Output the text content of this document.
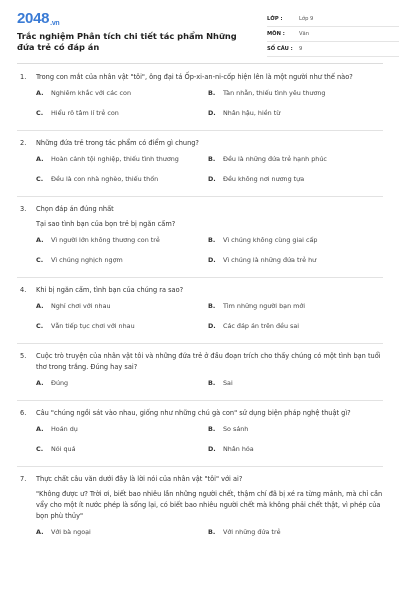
2048.vn
Trắc nghiệm Phân tích chi tiết tác phẩm Những đứa trẻ có đáp án
LỚP :	Lớp 9
MÔN :	Văn
SỐ CÂU :	9
1.	Trong con mắt của nhân vật "tôi", ông đại tá Ốp-xi-an-ni-cốp hiện lên là một người như thế nào?
A.	Nghiêm khắc với các con	B.	Tàn nhẫn, thiếu tình yêu thương
C.	Hiểu rõ tâm lí trẻ con	D.	Nhân hậu, hiền từ
2.	Những đứa trẻ trong tác phẩm có điểm gì chung?
A.	Hoàn cảnh tội nghiệp, thiếu tình thương	B.	Đều là những đứa trẻ hạnh phúc
C.	Đều là con nhà nghèo, thiếu thốn	D.	Đều không nơi nương tựa
3.	Chọn đáp án đúng nhất
Tại sao tình bạn của bọn trẻ bị ngăn cấm?
A.	Vì người lớn không thương con trẻ	B.	Vì chúng không cùng giai cấp
C.	Vì chúng nghịch ngợm	D.	Vì chúng là những đứa trẻ hư
4.	Khi bị ngăn cấm, tình bạn của chúng ra sao?
A.	Nghỉ chơi với nhau	B.	Tìm những người bạn mới
C.	Vẫn tiếp tục chơi với nhau	D.	Các đáp án trên đều sai
5.	Cuộc trò truyện của nhân vật tôi và những đứa trẻ ở đầu đoạn trích cho thấy chúng có một tình bạn tuổi thơ trong trắng. Đúng hay sai?
A.	Đúng	B.	Sai
6.	Câu "chúng ngồi sát vào nhau, giống như những chú gà con" sử dụng biện pháp nghệ thuật gì?
A.	Hoán dụ	B.	So sánh
C.	Nói quá	D.	Nhân hóa
7.	Thực chất câu văn dưới đây là lời nói của nhân vật "tôi" với ai?
"Không được ư? Trời ơi, biết bao nhiêu lần những người chết, thậm chí đã bị xé ra từng mảnh, mà chỉ cần vẩy cho một ít nước phép là sống lại, có biết bao nhiêu người chết mà không phải chết thật, vì phép của bọn phù thủy"
A.	Với bà ngoại	B.	Với những đứa trẻ
